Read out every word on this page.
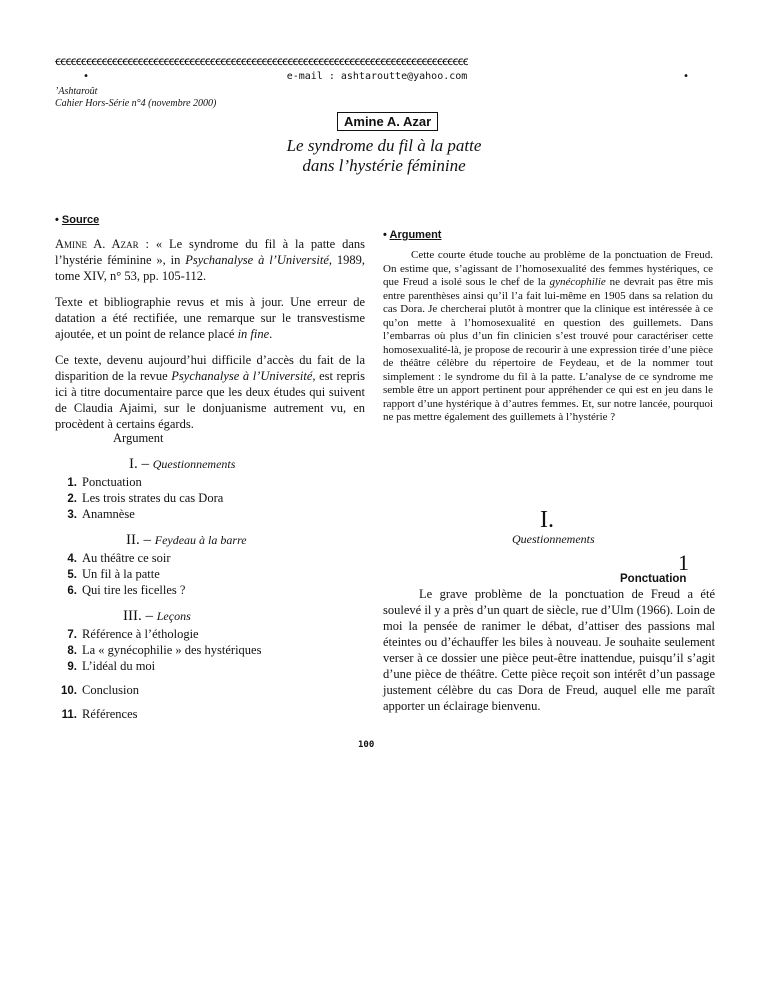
ꞓꞓꞓꞓꞓꞓꞓꞓꞓꞓꞓꞓꞓꞓꞓꞓꞓꞓꞓꞓꞓꞓꞓꞓꞓꞓꞓꞓꞓꞓꞓꞓꞓꞓꞓꞓꞓꞓꞓꞓꞓꞓꞓꞓꞓꞓꞓꞓꞓꞓꞓꞓꞓꞓꞓꞓꞓꞓꞓꞓꞓꞓꞓꞓꞓꞓꞓꞓꞓꞓꞓꞓꞓꞓꞓꞓꞓꞓꞓꞓ
•	e-mail : ashtaroutte@yahoo.com	•
’Ashtaroût
Cahier Hors-Série n°4 (novembre 2000)
Amine A. Azar
Le syndrome du fil à la patte
dans l’hystérie féminine
• Source

Amine A. Azar : « Le syndrome du fil à la patte dans l’hystérie féminine », in Psychanalyse à l’Université, 1989, tome XIV, n° 53, pp. 105-112.

Texte et bibliographie revus et mis à jour. Une erreur de datation a été rectifiée, une remarque sur le transvestisme ajoutée, et un point de relance placé in fine.

Ce texte, devenu aujourd’hui difficile d’accès du fait de la disparition de la revue Psychanalyse à l’Université, est repris ici à titre documentaire parce que les deux études qui suivent de Claudia Ajaimi, sur le donjuanisme autrement vu, en procèdent à certains égards.

• Argument
Cette courte étude touche au problème de la ponctuation de Freud. On estime que, s’agissant de l’homosexualité des femmes hystériques, ce que Freud a isolé sous le chef de la gynécophilie ne devrait pas être mis entre parenthèses ainsi qu’il l’a fait lui-même en 1905 dans sa relation du cas Dora. Je chercherai plutôt à montrer que la clinique est intéressée à ce qu’on mette à l’homosexualité en question des guillemets. Dans l’embarras où plus d’un fin clinicien s’est trouvé pour caractériser cette homosexualité-là, je propose de recourir à une expression tirée d’une pièce de théâtre célèbre du répertoire de Feydeau, et de la nommer tout simplement : le syndrome du fil à la patte. L’analyse de ce syndrome me semble être un apport pertinent pour appréhender ce qui est en jeu dans le rapport d’une hystérique à d’autres femmes. Et, sur notre lancée, pourquoi ne pas mettre également des guillemets à l’hystérie ?
Argument
I. – Questionnements
1. Ponctuation
2. Les trois strates du cas Dora
3. Anamnèse
II. – Feydeau à la barre
4. Au théâtre ce soir
5. Un fil à la patte
6. Qui tire les ficelles ?
III. – Leçons
7. Référence à l’éthologie
8. La « gynécophilie » des hystériques
9. L’idéal du moi
10. Conclusion
11. Références
I.
Questionnements
1
Ponctuation
Le grave problème de la ponctuation de Freud a été soulevé il y a près d’un quart de siècle, rue d’Ulm (1966). Loin de moi la pensée de ranimer le débat, d’attiser des passions mal éteintes ou d’échauffer les biles à nouveau. Je souhaite seulement verser à ce dossier une pièce peut-être inattendue, puisqu’il s’agit d’une pièce de théâtre. Cette pièce reçoit son intérêt d’un passage justement célèbre du cas Dora de Freud, auquel elle me paraît apporter un éclairage bienvenu.
100
